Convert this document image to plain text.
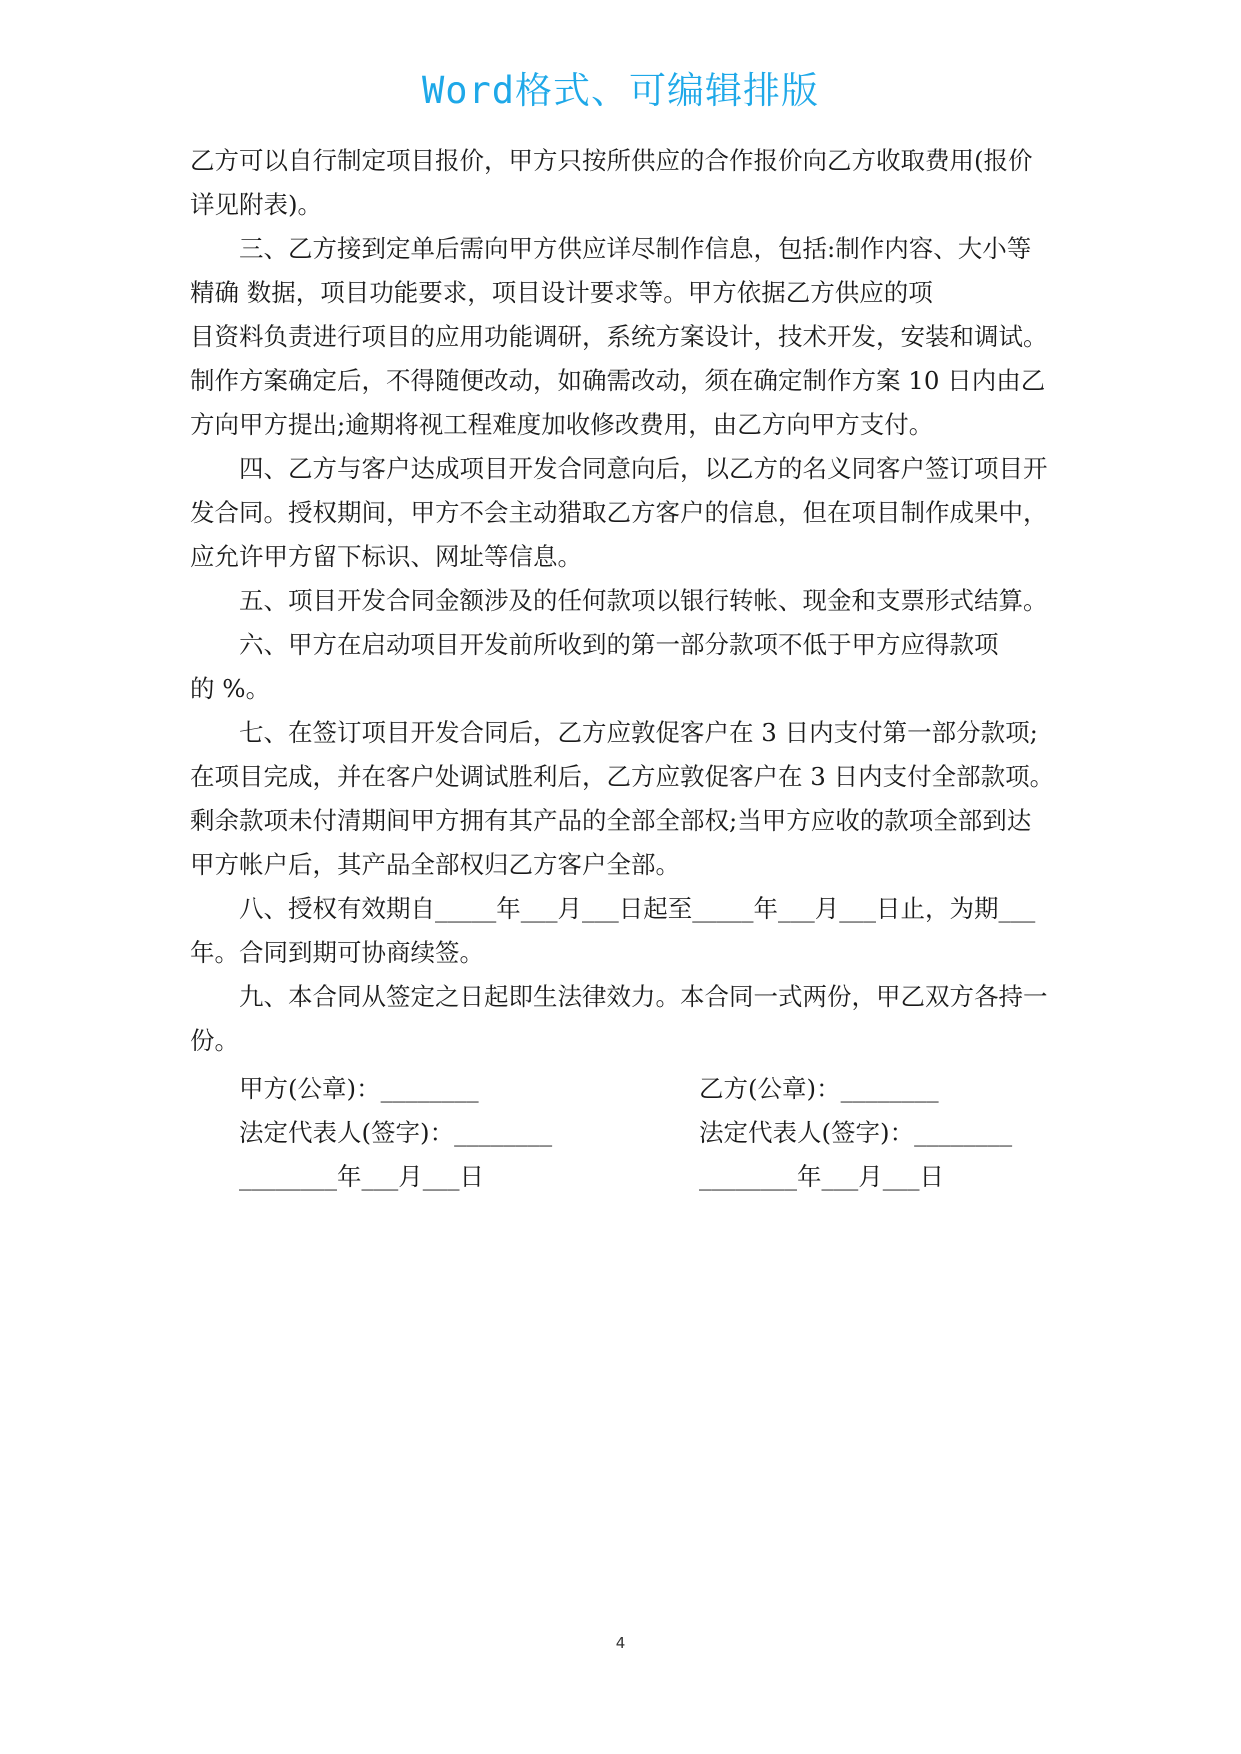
Word格式、可编辑排版
乙方可以自行制定项目报价，甲方只按所供应的合作报价向乙方收取费用(报价
详见附表)。
三、乙方接到定单后需向甲方供应详尽制作信息，包括:制作内容、大小等
精确 数据，项目功能要求，项目设计要求等。甲方依据乙方供应的项
目资料负责进行项目的应用功能调研，系统方案设计，技术开发，安装和调试。
制作方案确定后，不得随便改动，如确需改动，须在确定制作方案 10 日内由乙
方向甲方提出;逾期将视工程难度加收修改费用，由乙方向甲方支付。
四、乙方与客户达成项目开发合同意向后，以乙方的名义同客户签订项目开
发合同。授权期间，甲方不会主动猎取乙方客户的信息，但在项目制作成果中，
应允许甲方留下标识、网址等信息。
五、项目开发合同金额涉及的任何款项以银行转帐、现金和支票形式结算。
六、甲方在启动项目开发前所收到的第一部分款项不低于甲方应得款项
的 %。
七、在签订项目开发合同后，乙方应敦促客户在 3 日内支付第一部分款项;
在项目完成，并在客户处调试胜利后，乙方应敦促客户在 3 日内支付全部款项。
剩余款项未付清期间甲方拥有其产品的全部全部权;当甲方应收的款项全部到达
甲方帐户后，其产品全部权归乙方客户全部。
八、授权有效期自_____年___月___日起至_____年___月___日止，为期___
年。合同到期可协商续签。
九、本合同从签定之日起即生法律效力。本合同一式两份，甲乙双方各持一
份。
甲方(公章)：________	乙方(公章)：________
法定代表人(签字)：________	法定代表人(签字)：________
________年___月___日	________年___月___日
4
